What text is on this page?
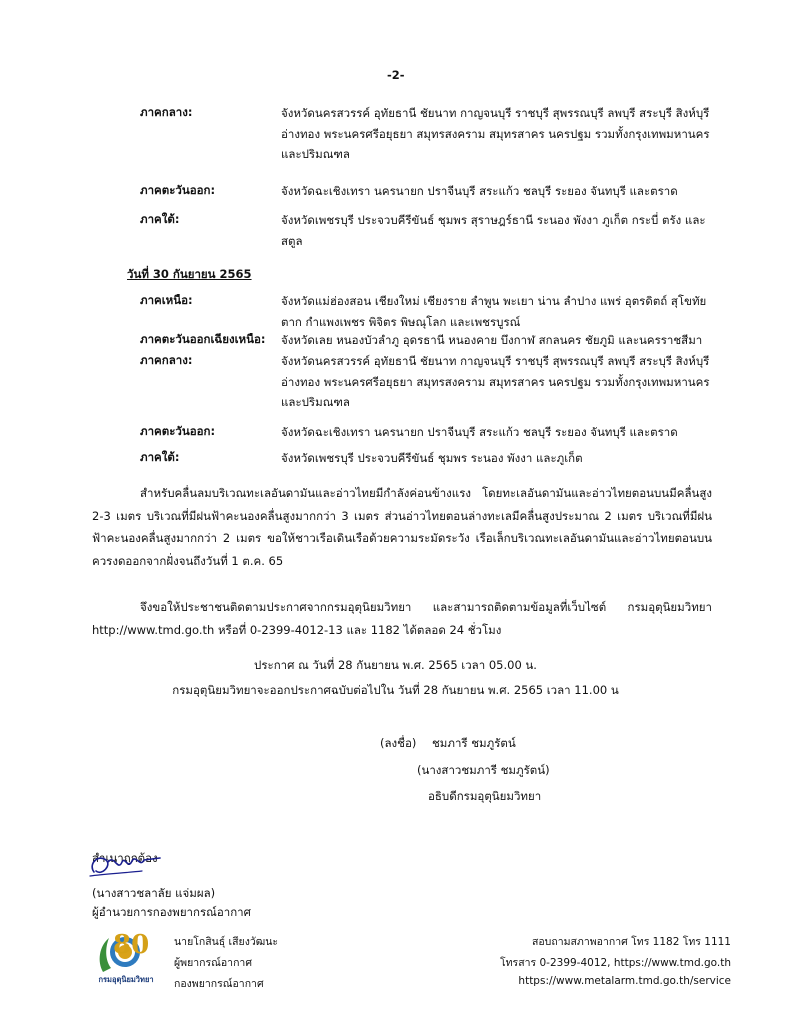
-2-
ภาคกลาง:	จังหวัดนครสวรรค์ อุทัยธานี ชัยนาท กาญจนบุรี ราชบุรี สุพรรณบุรี ลพบุรี สระบุรี สิงห์บุรี อ่างทอง พระนครศรีอยุธยา สมุทรสงคราม สมุทรสาคร นครปฐม รวมทั้งกรุงเทพมหานคร และปริมณฑล
ภาคตะวันออก:	จังหวัดฉะเชิงเทรา นครนายก ปราจีนบุรี สระแก้ว ชลบุรี ระยอง จันทบุรี และตราด
ภาคใต้:	จังหวัดเพชรบุรี ประจวบคีรีขันธ์ ชุมพร สุราษฎร์ธานี ระนอง พังงา ภูเก็ต กระบี่ ตรัง และสตูล
วันที่ 30 กันยายน 2565
ภาคเหนือ:	จังหวัดแม่ฮ่องสอน เชียงใหม่ เชียงราย ลำพูน พะเยา น่าน ลำปาง แพร่ อุตรดิตถ์ สุโขทัย ตาก กำแพงเพชร พิจิตร พิษณุโลก และเพชรบูรณ์
ภาคตะวันออกเฉียงเหนือ: จังหวัดเลย หนองบัวลำภู อุดรธานี หนองคาย บึงกาฬ สกลนคร ชัยภูมิ และนครราชสีมา
ภาคกลาง:	จังหวัดนครสวรรค์ อุทัยธานี ชัยนาท กาญจนบุรี ราชบุรี สุพรรณบุรี ลพบุรี สระบุรี สิงห์บุรี อ่างทอง พระนครศรีอยุธยา สมุทรสงคราม สมุทรสาคร นครปฐม รวมทั้งกรุงเทพมหานคร และปริมณฑล
ภาคตะวันออก:	จังหวัดฉะเชิงเทรา นครนายก ปราจีนบุรี สระแก้ว ชลบุรี ระยอง จันทบุรี และตราด
ภาคใต้:	จังหวัดเพชรบุรี ประจวบคีรีขันธ์ ชุมพร ระนอง พังงา และภูเก็ต
สำหรับคลื่นลมบริเวณทะเลอันดามันและอ่าวไทยมีกำลังค่อนข้างแรง โดยทะเลอันดามันและอ่าวไทยตอนบนมีคลื่นสูง 2-3 เมตร บริเวณที่มีฝนฟ้าคะนองคลื่นสูงมากกว่า 3 เมตร ส่วนอ่าวไทยตอนล่างทะเลมีคลื่นสูงประมาณ 2 เมตร บริเวณที่มีฝนฟ้าคะนองคลื่นสูงมากกว่า 2 เมตร ขอให้ชาวเรือเดินเรือด้วยความระมัดระวัง เรือเล็กบริเวณทะเลอันดามันและอ่าวไทยตอนบนควรงดออกจากฝั่งจนถึงวันที่ 1 ต.ค. 65
จึงขอให้ประชาชนติดตามประกาศจากกรมอุตุนิยมวิทยา และสามารถติดตามข้อมูลที่เว็บไซต์ กรมอุตุนิยมวิทยา http://www.tmd.go.th หรือที่ 0-2399-4012-13 และ 1182 ได้ตลอด 24 ชั่วโมง
ประกาศ ณ วันที่ 28 กันยายน พ.ศ. 2565 เวลา 05.00 น.
กรมอุตุนิยมวิทยาจะออกประกาศฉบับต่อไปใน วันที่ 28 กันยายน พ.ศ. 2565 เวลา 11.00 น
(ลงชื่อ) ชมภารี ชมภูรัตน์
(นางสาวชมภารี ชมภูรัตน์)
อธิบดีกรมอุตุนิยมวิทยา
สำเนาถูกต้อง
(นางสาวชลาลัย แจ่มผล)
ผู้อำนวยการกองพยากรณ์อากาศ
80
กรมอุตุนิยมวิทยา
นายโกสินธุ์ เสียงวัฒนะ
ผู้พยากรณ์อากาศ
กองพยากรณ์อากาศ
สอบถามสภาพอากาศ โทร 1182 โทร 1111
โทรสาร 0-2399-4012, https://www.tmd.go.th
https://www.metalarm.tmd.go.th/service
